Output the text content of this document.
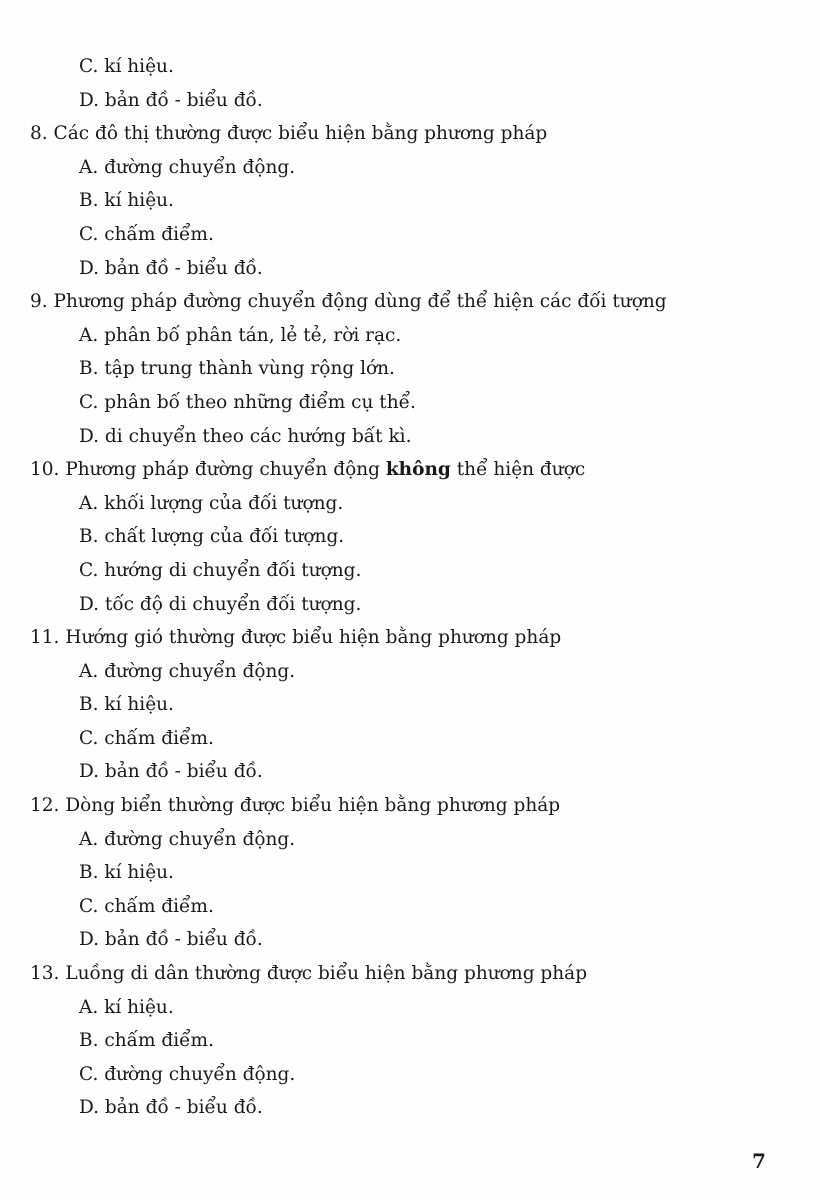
C. kí hiệu.
D. bản đồ - biểu đồ.
8. Các đô thị thường được biểu hiện bằng phương pháp
A. đường chuyển động.
B. kí hiệu.
C. chấm điểm.
D. bản đồ - biểu đồ.
9. Phương pháp đường chuyển động dùng để thể hiện các đối tượng
A. phân bố phân tán, lẻ tẻ, rời rạc.
B. tập trung thành vùng rộng lớn.
C. phân bố theo những điểm cụ thể.
D. di chuyển theo các hướng bất kì.
10. Phương pháp đường chuyển động không thể hiện được
A. khối lượng của đối tượng.
B. chất lượng của đối tượng.
C. hướng di chuyển đối tượng.
D. tốc độ di chuyển đối tượng.
11. Hướng gió thường được biểu hiện bằng phương pháp
A. đường chuyển động.
B. kí hiệu.
C. chấm điểm.
D. bản đồ - biểu đồ.
12. Dòng biển thường được biểu hiện bằng phương pháp
A. đường chuyển động.
B. kí hiệu.
C. chấm điểm.
D. bản đồ - biểu đồ.
13. Luồng di dân thường được biểu hiện bằng phương pháp
A. kí hiệu.
B. chấm điểm.
C. đường chuyển động.
D. bản đồ - biểu đồ.
7
